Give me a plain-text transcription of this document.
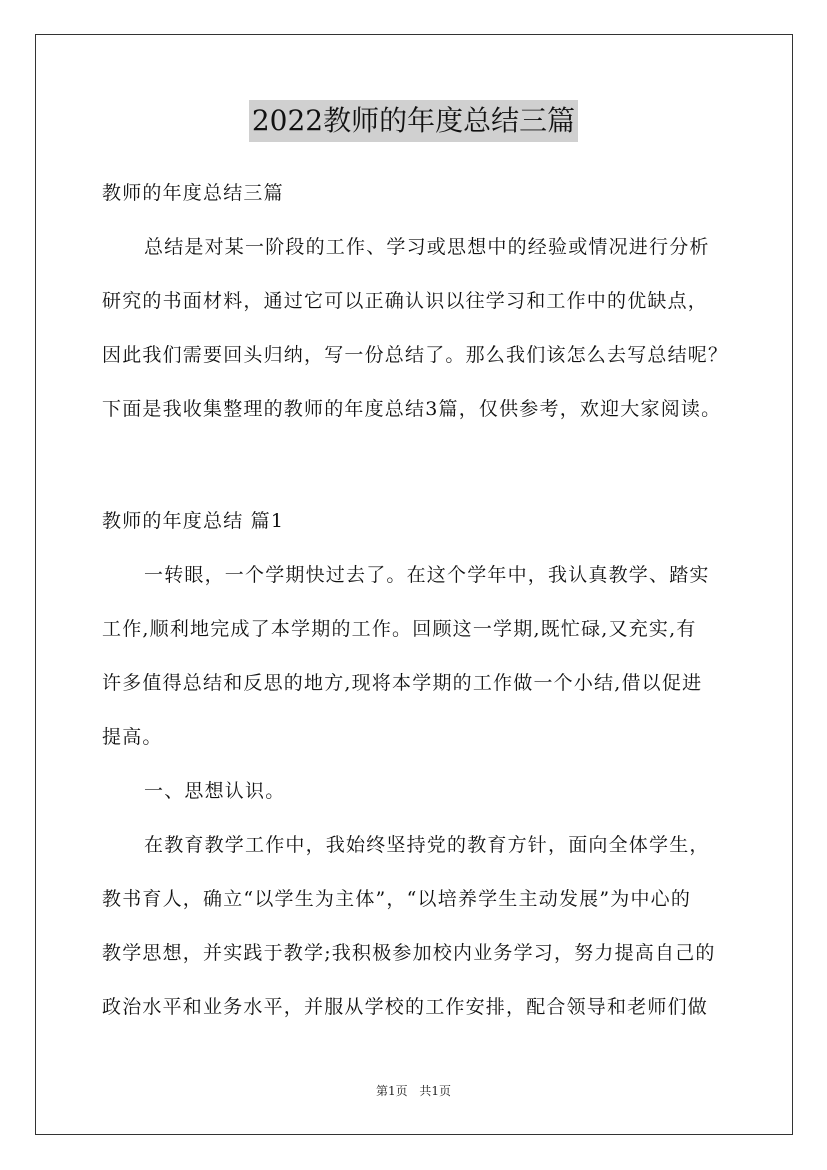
2022教师的年度总结三篇
教师的年度总结三篇
总结是对某一阶段的工作、学习或思想中的经验或情况进行分析
研究的书面材料，通过它可以正确认识以往学习和工作中的优缺点，
因此我们需要回头归纳，写一份总结了。那么我们该怎么去写总结呢？
下面是我收集整理的教师的年度总结3篇，仅供参考，欢迎大家阅读。
教师的年度总结 篇1
一转眼，一个学期快过去了。在这个学年中，我认真教学、踏实
工作,顺利地完成了本学期的工作。回顾这一学期,既忙碌,又充实,有
许多值得总结和反思的地方,现将本学期的工作做一个小结,借以促进
提高。
一、思想认识。
在教育教学工作中，我始终坚持党的教育方针，面向全体学生，
教书育人，确立“以学生为主体”，“以培养学生主动发展”为中心的
教学思想，并实践于教学;我积极参加校内业务学习，努力提高自己的
政治水平和业务水平，并服从学校的工作安排，配合领导和老师们做
第1页 共1页
